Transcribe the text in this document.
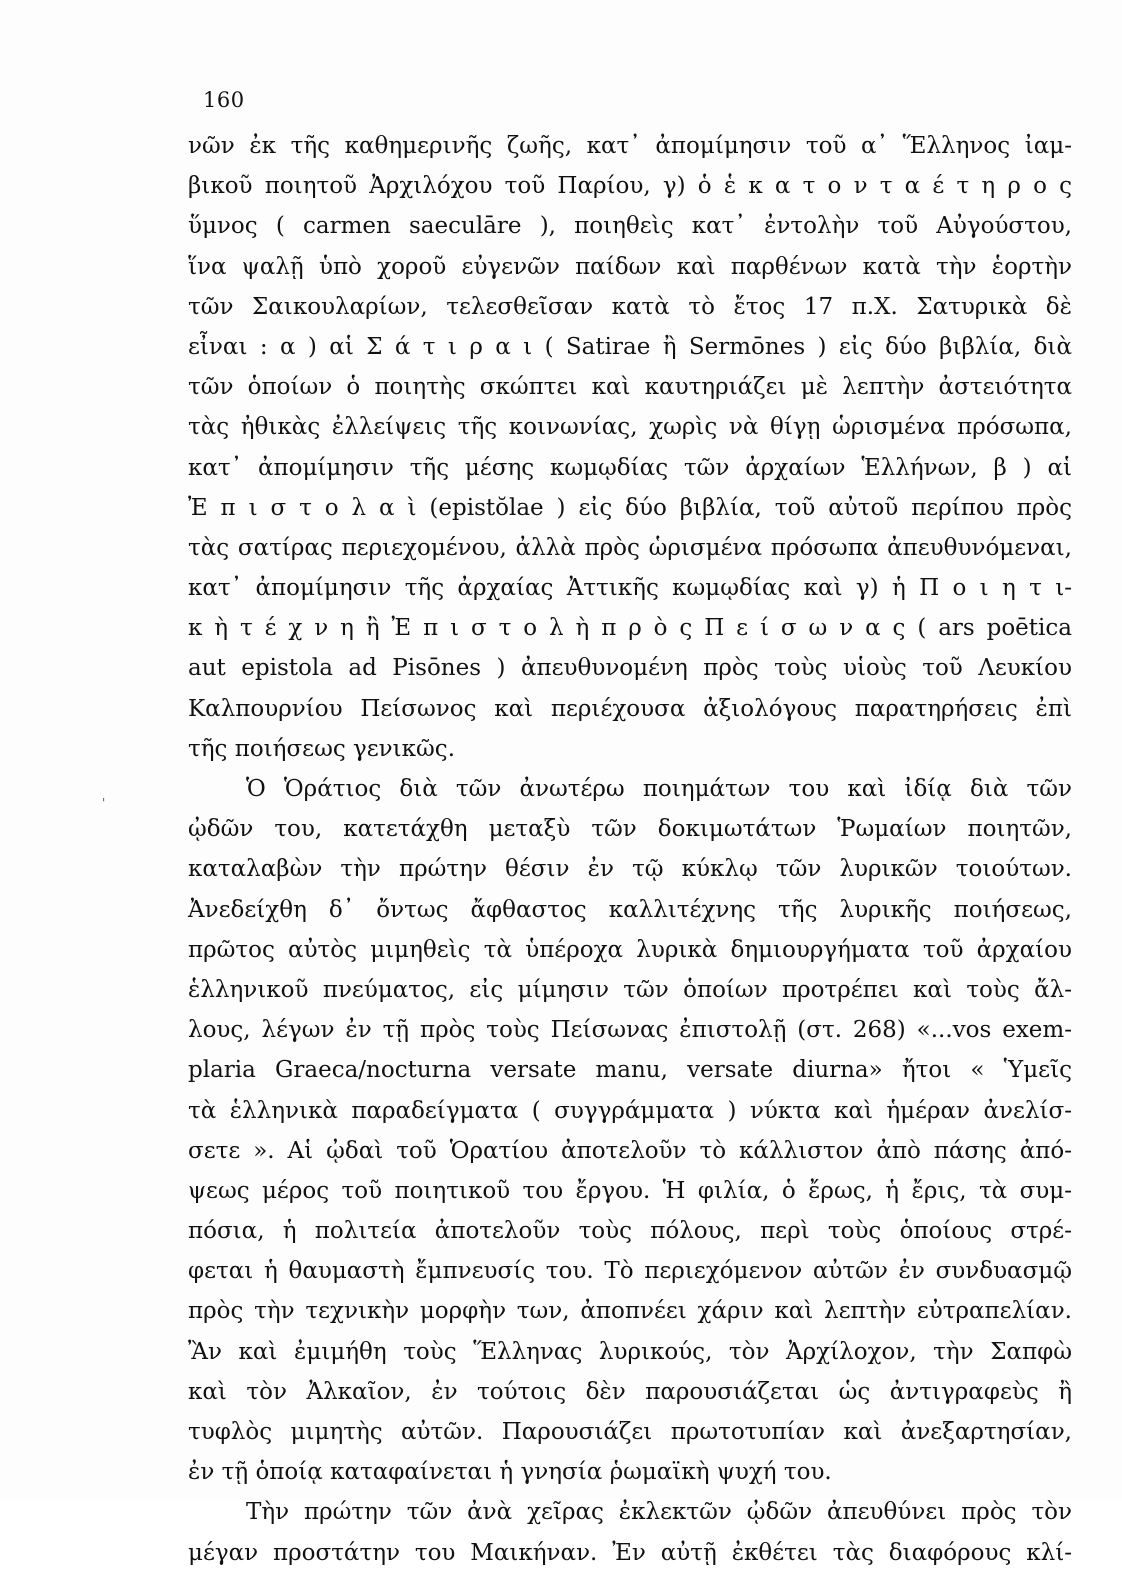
160
'
νῶν ἐκ τῆς καθημερινῆς ζωῆς, κατ᾽ ἀπομίμησιν τοῦ α᾽ Ἕλληνος ἰαμ-
βικοῦ ποιητοῦ Ἀρχιλόχου τοῦ Παρίου, γ) ὁ ἑ κ α τ ο ν τ α έ τ η ρ ο ς
ὕμνος ( carmen saeculāre ), ποιηθεὶς κατ᾽ ἐντολὴν τοῦ Αὐγούστου,
ἵνα ψαλῇ ὑπὸ χοροῦ εὐγενῶν παίδων καὶ παρθένων κατὰ τὴν ἑορτὴν
τῶν Σαικουλαρίων, τελεσθεῖσαν κατὰ τὸ ἔτος 17 π.Χ. Σατυρικὰ δὲ
εἶναι : α ) αἱ Σ ά τ ι ρ α ι ( Satirae ἢ Sermōnes ) εἰς δύο βιβλία, διὰ
τῶν ὁποίων ὁ ποιητὴς σκώπτει καὶ καυτηριάζει μὲ λεπτὴν ἀστειότητα
τὰς ἠθικὰς ἐλλείψεις τῆς κοινωνίας, χωρὶς νὰ θίγῃ ὡρισμένα πρόσωπα,
κατ᾽ ἀπομίμησιν τῆς μέσης κωμῳδίας τῶν ἀρχαίων Ἑλλήνων, β ) αἱ
Ἐ π ι σ τ ο λ α ὶ (epistŏlae ) εἰς δύο βιβλία, τοῦ αὐτοῦ περίπου πρὸς
τὰς σατίρας περιεχομένου, ἀλλὰ πρὸς ὡρισμένα πρόσωπα ἀπευθυνόμεναι,
κατ᾽ ἀπομίμησιν τῆς ἀρχαίας Ἀττικῆς κωμῳδίας καὶ γ) ἡ Π ο ι η τ ι-
κ ὴ τ έ χ ν η ἢ Ἐ π ι σ τ ο λ ὴ π ρ ὸ ς Π ε ί σ ω ν α ς ( ars poētica
aut epistola ad Pisōnes ) ἀπευθυνομένη πρὸς τοὺς υἱοὺς τοῦ Λευκίου
Καλπουρνίου Πείσωνος καὶ περιέχουσα ἀξιολόγους παρατηρήσεις ἐπὶ
τῆς ποιήσεως γενικῶς.
Ὁ Ὁράτιος διὰ τῶν ἀνωτέρω ποιημάτων του καὶ ἰδίᾳ διὰ τῶν
ᾠδῶν του, κατετάχθη μεταξὺ τῶν δοκιμωτάτων Ῥωμαίων ποιητῶν,
καταλαβὼν τὴν πρώτην θέσιν ἐν τῷ κύκλῳ τῶν λυρικῶν τοιούτων.
Ἀνεδείχθη δ᾽ ὄντως ἄφθαστος καλλιτέχνης τῆς λυρικῆς ποιήσεως,
πρῶτος αὐτὸς μιμηθεὶς τὰ ὑπέροχα λυρικὰ δημιουργήματα τοῦ ἀρχαίου
ἑλληνικοῦ πνεύματος, εἰς μίμησιν τῶν ὁποίων προτρέπει καὶ τοὺς ἄλ-
λους, λέγων ἐν τῇ πρὸς τοὺς Πείσωνας ἐπιστολῇ (στ. 268) «...vos exem-
plaria Graeca/nocturna versate manu, versate diurna» ἤτοι « Ὑμεῖς
τὰ ἑλληνικὰ παραδείγματα ( συγγράμματα ) νύκτα καὶ ἡμέραν ἀνελίσ-
σετε ». Αἱ ᾠδαὶ τοῦ Ὁρατίου ἀποτελοῦν τὸ κάλλιστον ἀπὸ πάσης ἀπό-
ψεως μέρος τοῦ ποιητικοῦ του ἔργου. Ἡ φιλία, ὁ ἔρως, ἡ ἔρις, τὰ συμ-
πόσια, ἡ πολιτεία ἀποτελοῦν τοὺς πόλους, περὶ τοὺς ὁποίους στρέ-
φεται ἡ θαυμαστὴ ἔμπνευσίς του. Τὸ περιεχόμενον αὐτῶν ἐν συνδυασμῷ
πρὸς τὴν τεχνικὴν μορφὴν των, ἀποπνέει χάριν καὶ λεπτὴν εὐτραπελίαν.
Ἂν καὶ ἐμιμήθη τοὺς Ἕλληνας λυρικούς, τὸν Ἀρχίλοχον, τὴν Σαπφὼ
καὶ τὸν Ἀλκαῖον, ἐν τούτοις δὲν παρουσιάζεται ὡς ἀντιγραφεὺς ἢ
τυφλὸς μιμητὴς αὐτῶν. Παρουσιάζει πρωτοτυπίαν καὶ ἀνεξαρτησίαν,
ἐν τῇ ὁποίᾳ καταφαίνεται ἡ γνησία ῥωμαϊκὴ ψυχή του.
Τὴν πρώτην τῶν ἀνὰ χεῖρας ἐκλεκτῶν ᾠδῶν ἀπευθύνει πρὸς τὸν
μέγαν προστάτην του Μαικήναν. Ἐν αὐτῇ ἐκθέτει τὰς διαφόρους κλί-
